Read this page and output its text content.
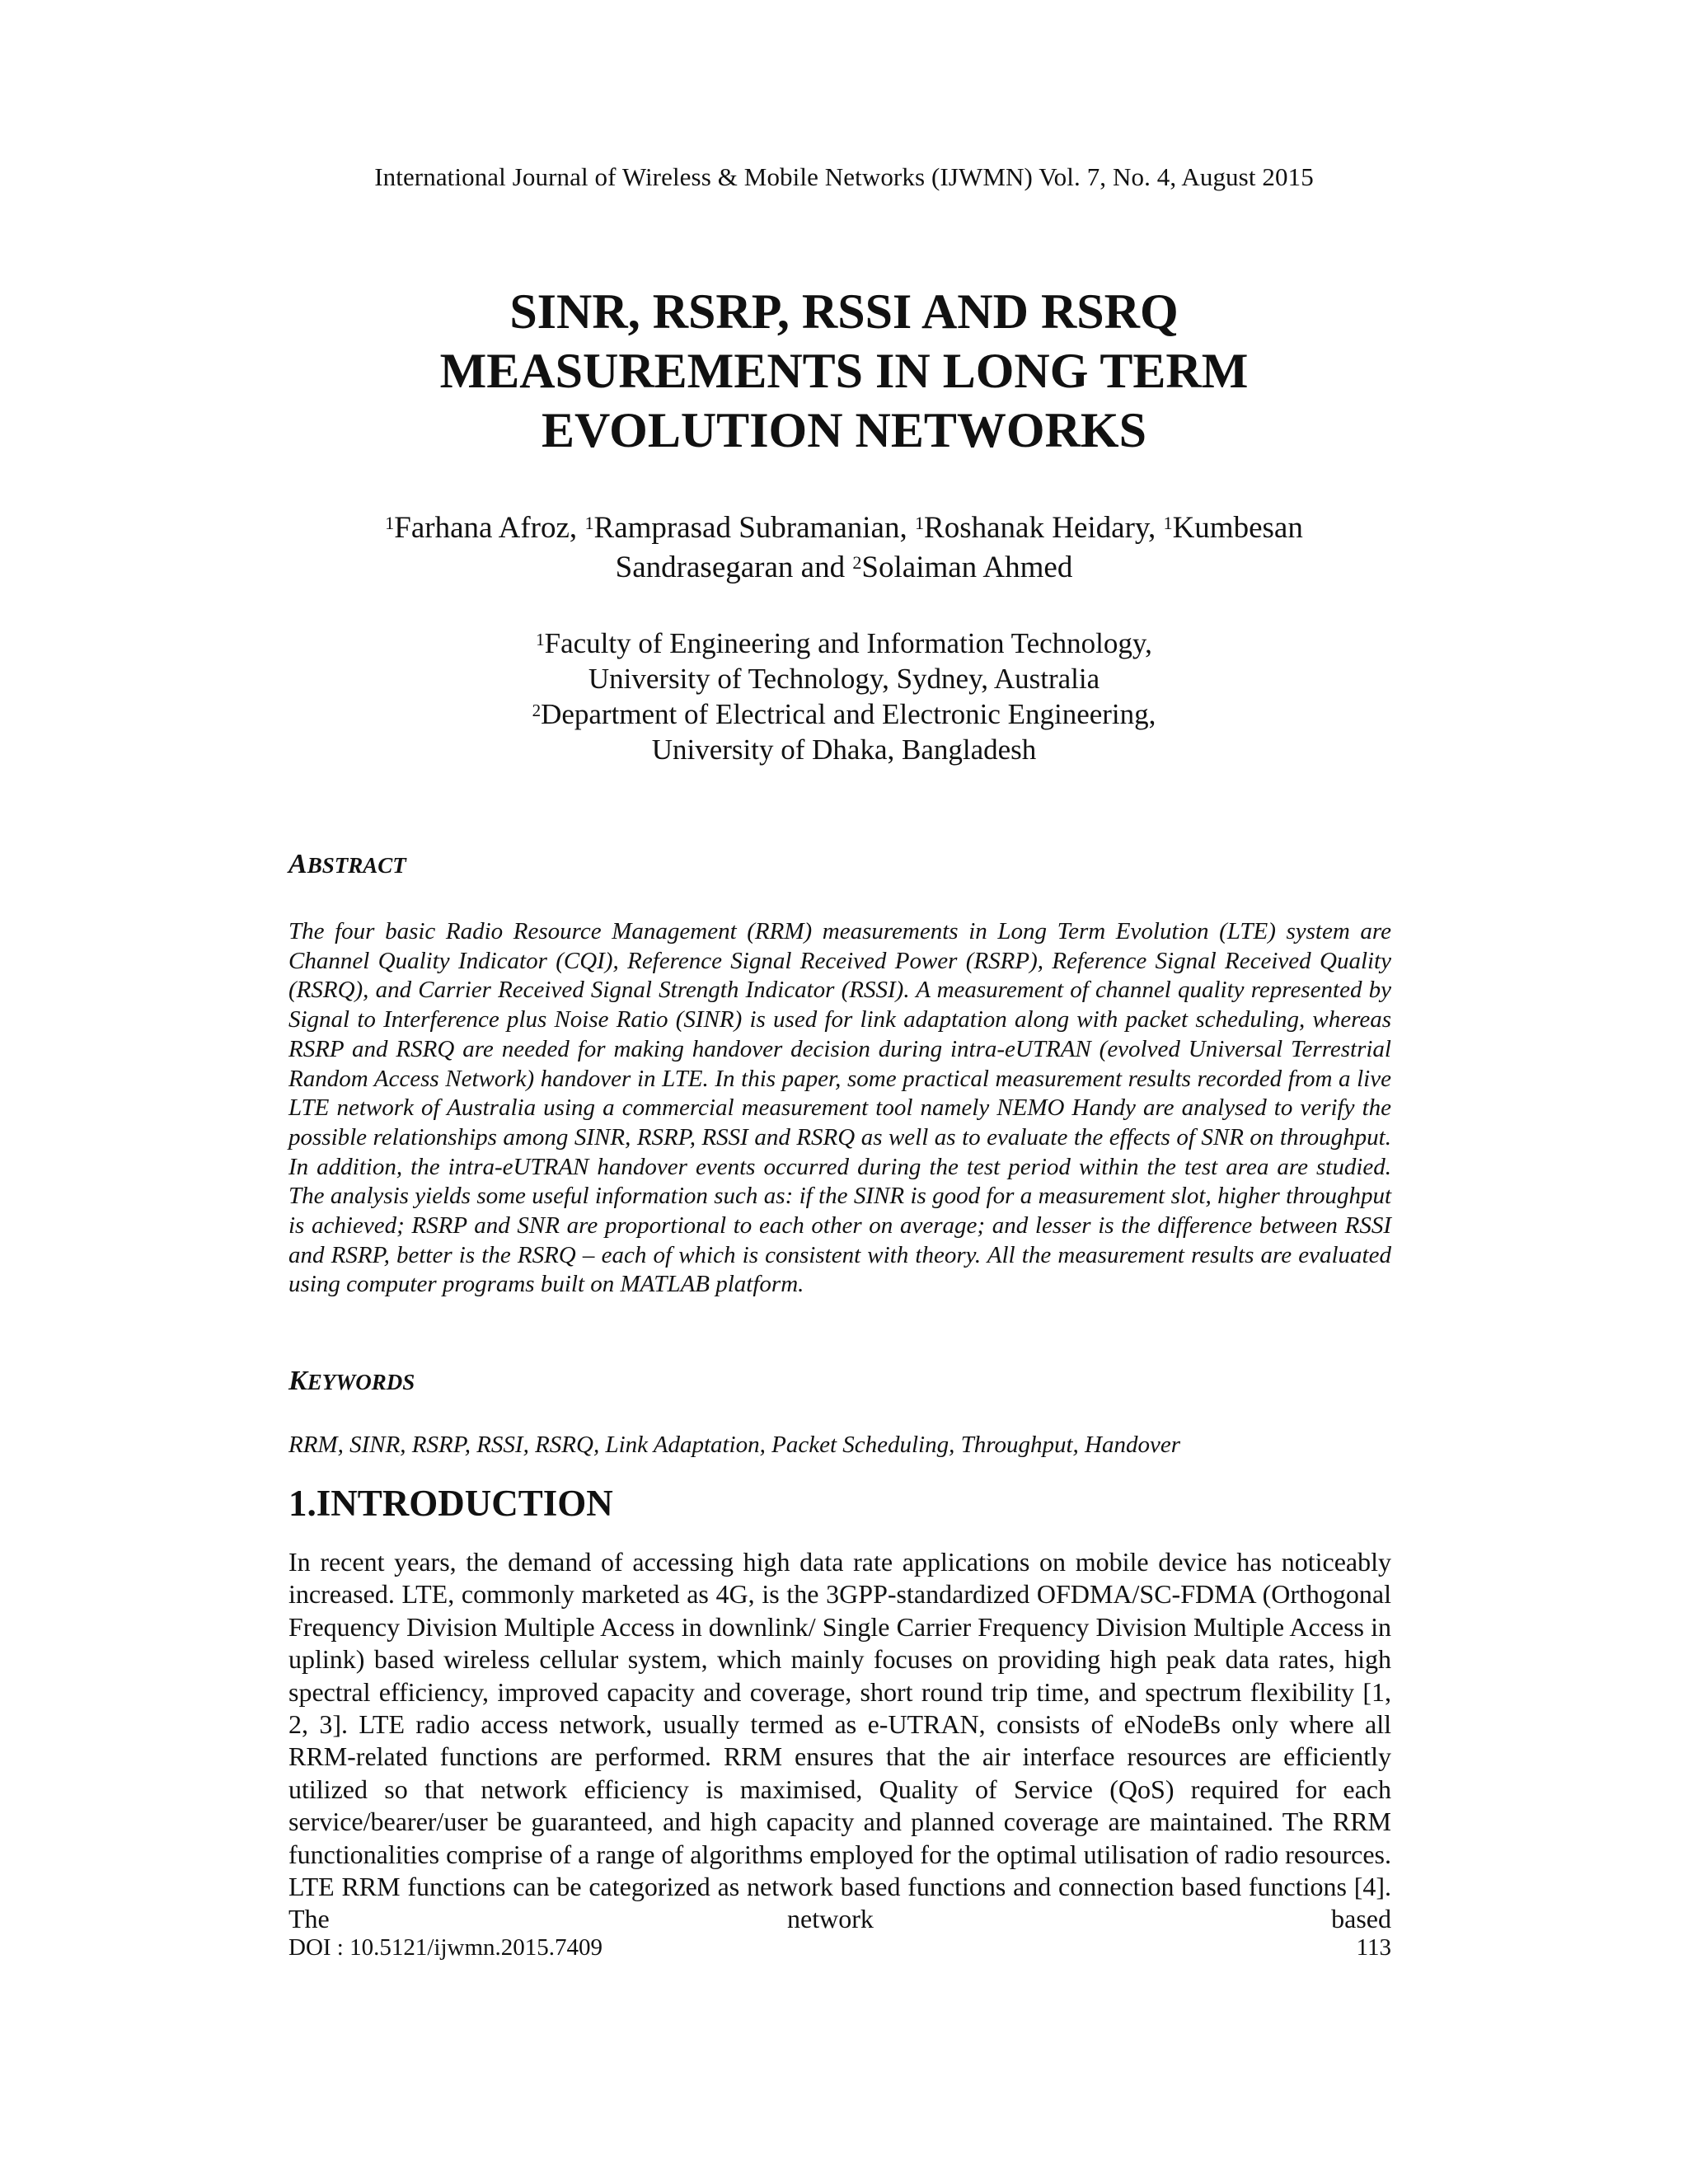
International Journal of Wireless & Mobile Networks (IJWMN) Vol. 7, No. 4, August 2015
SINR, RSRP, RSSI AND RSRQ
MEASUREMENTS IN LONG TERM
EVOLUTION NETWORKS
$^1$Farhana Afroz, $^1$Ramprasad Subramanian, $^1$Roshanak Heidary, $^1$Kumbesan
Sandrasegaran and $^2$Solaiman Ahmed
$^1$Faculty of Engineering and Information Technology,
University of Technology, Sydney, Australia
$^2$Department of Electrical and Electronic Engineering,
University of Dhaka, Bangladesh
ABSTRACT
The four basic Radio Resource Management (RRM) measurements in Long Term Evolution (LTE) system are Channel Quality Indicator (CQI), Reference Signal Received Power (RSRP), Reference Signal Received Quality (RSRQ), and Carrier Received Signal Strength Indicator (RSSI). A measurement of channel quality represented by Signal to Interference plus Noise Ratio (SINR) is used for link adaptation along with packet scheduling, whereas RSRP and RSRQ are needed for making handover decision during intra-eUTRAN (evolved Universal Terrestrial Random Access Network) handover in LTE. In this paper, some practical measurement results recorded from a live LTE network of Australia using a commercial measurement tool namely NEMO Handy are analysed to verify the possible relationships among SINR, RSRP, RSSI and RSRQ as well as to evaluate the effects of SNR on throughput. In addition, the intra-eUTRAN handover events occurred during the test period within the test area are studied. The analysis yields some useful information such as: if the SINR is good for a measurement slot, higher throughput is achieved; RSRP and SNR are proportional to each other on average; and lesser is the difference between RSSI and RSRP, better is the RSRQ – each of which is consistent with theory. All the measurement results are evaluated using computer programs built on MATLAB platform.
KEYWORDS
RRM, SINR, RSRP, RSSI, RSRQ, Link Adaptation, Packet Scheduling, Throughput, Handover
1.INTRODUCTION
In recent years, the demand of accessing high data rate applications on mobile device has noticeably increased. LTE, commonly marketed as 4G, is the 3GPP-standardized OFDMA/SC-FDMA (Orthogonal Frequency Division Multiple Access in downlink/ Single Carrier Frequency Division Multiple Access in uplink) based wireless cellular system, which mainly focuses on providing high peak data rates, high spectral efficiency, improved capacity and coverage, short round trip time, and spectrum flexibility [1, 2, 3]. LTE radio access network, usually termed as e-UTRAN, consists of eNodeBs only where all RRM-related functions are performed. RRM ensures that the air interface resources are efficiently utilized so that network efficiency is maximised, Quality of Service (QoS) required for each service/bearer/user be guaranteed, and high capacity and planned coverage are maintained. The RRM functionalities comprise of a range of algorithms employed for the optimal utilisation of radio resources. LTE RRM functions can be categorized as network based functions and connection based functions [4]. The network based
DOI : 10.5121/ijwmn.2015.7409	113
